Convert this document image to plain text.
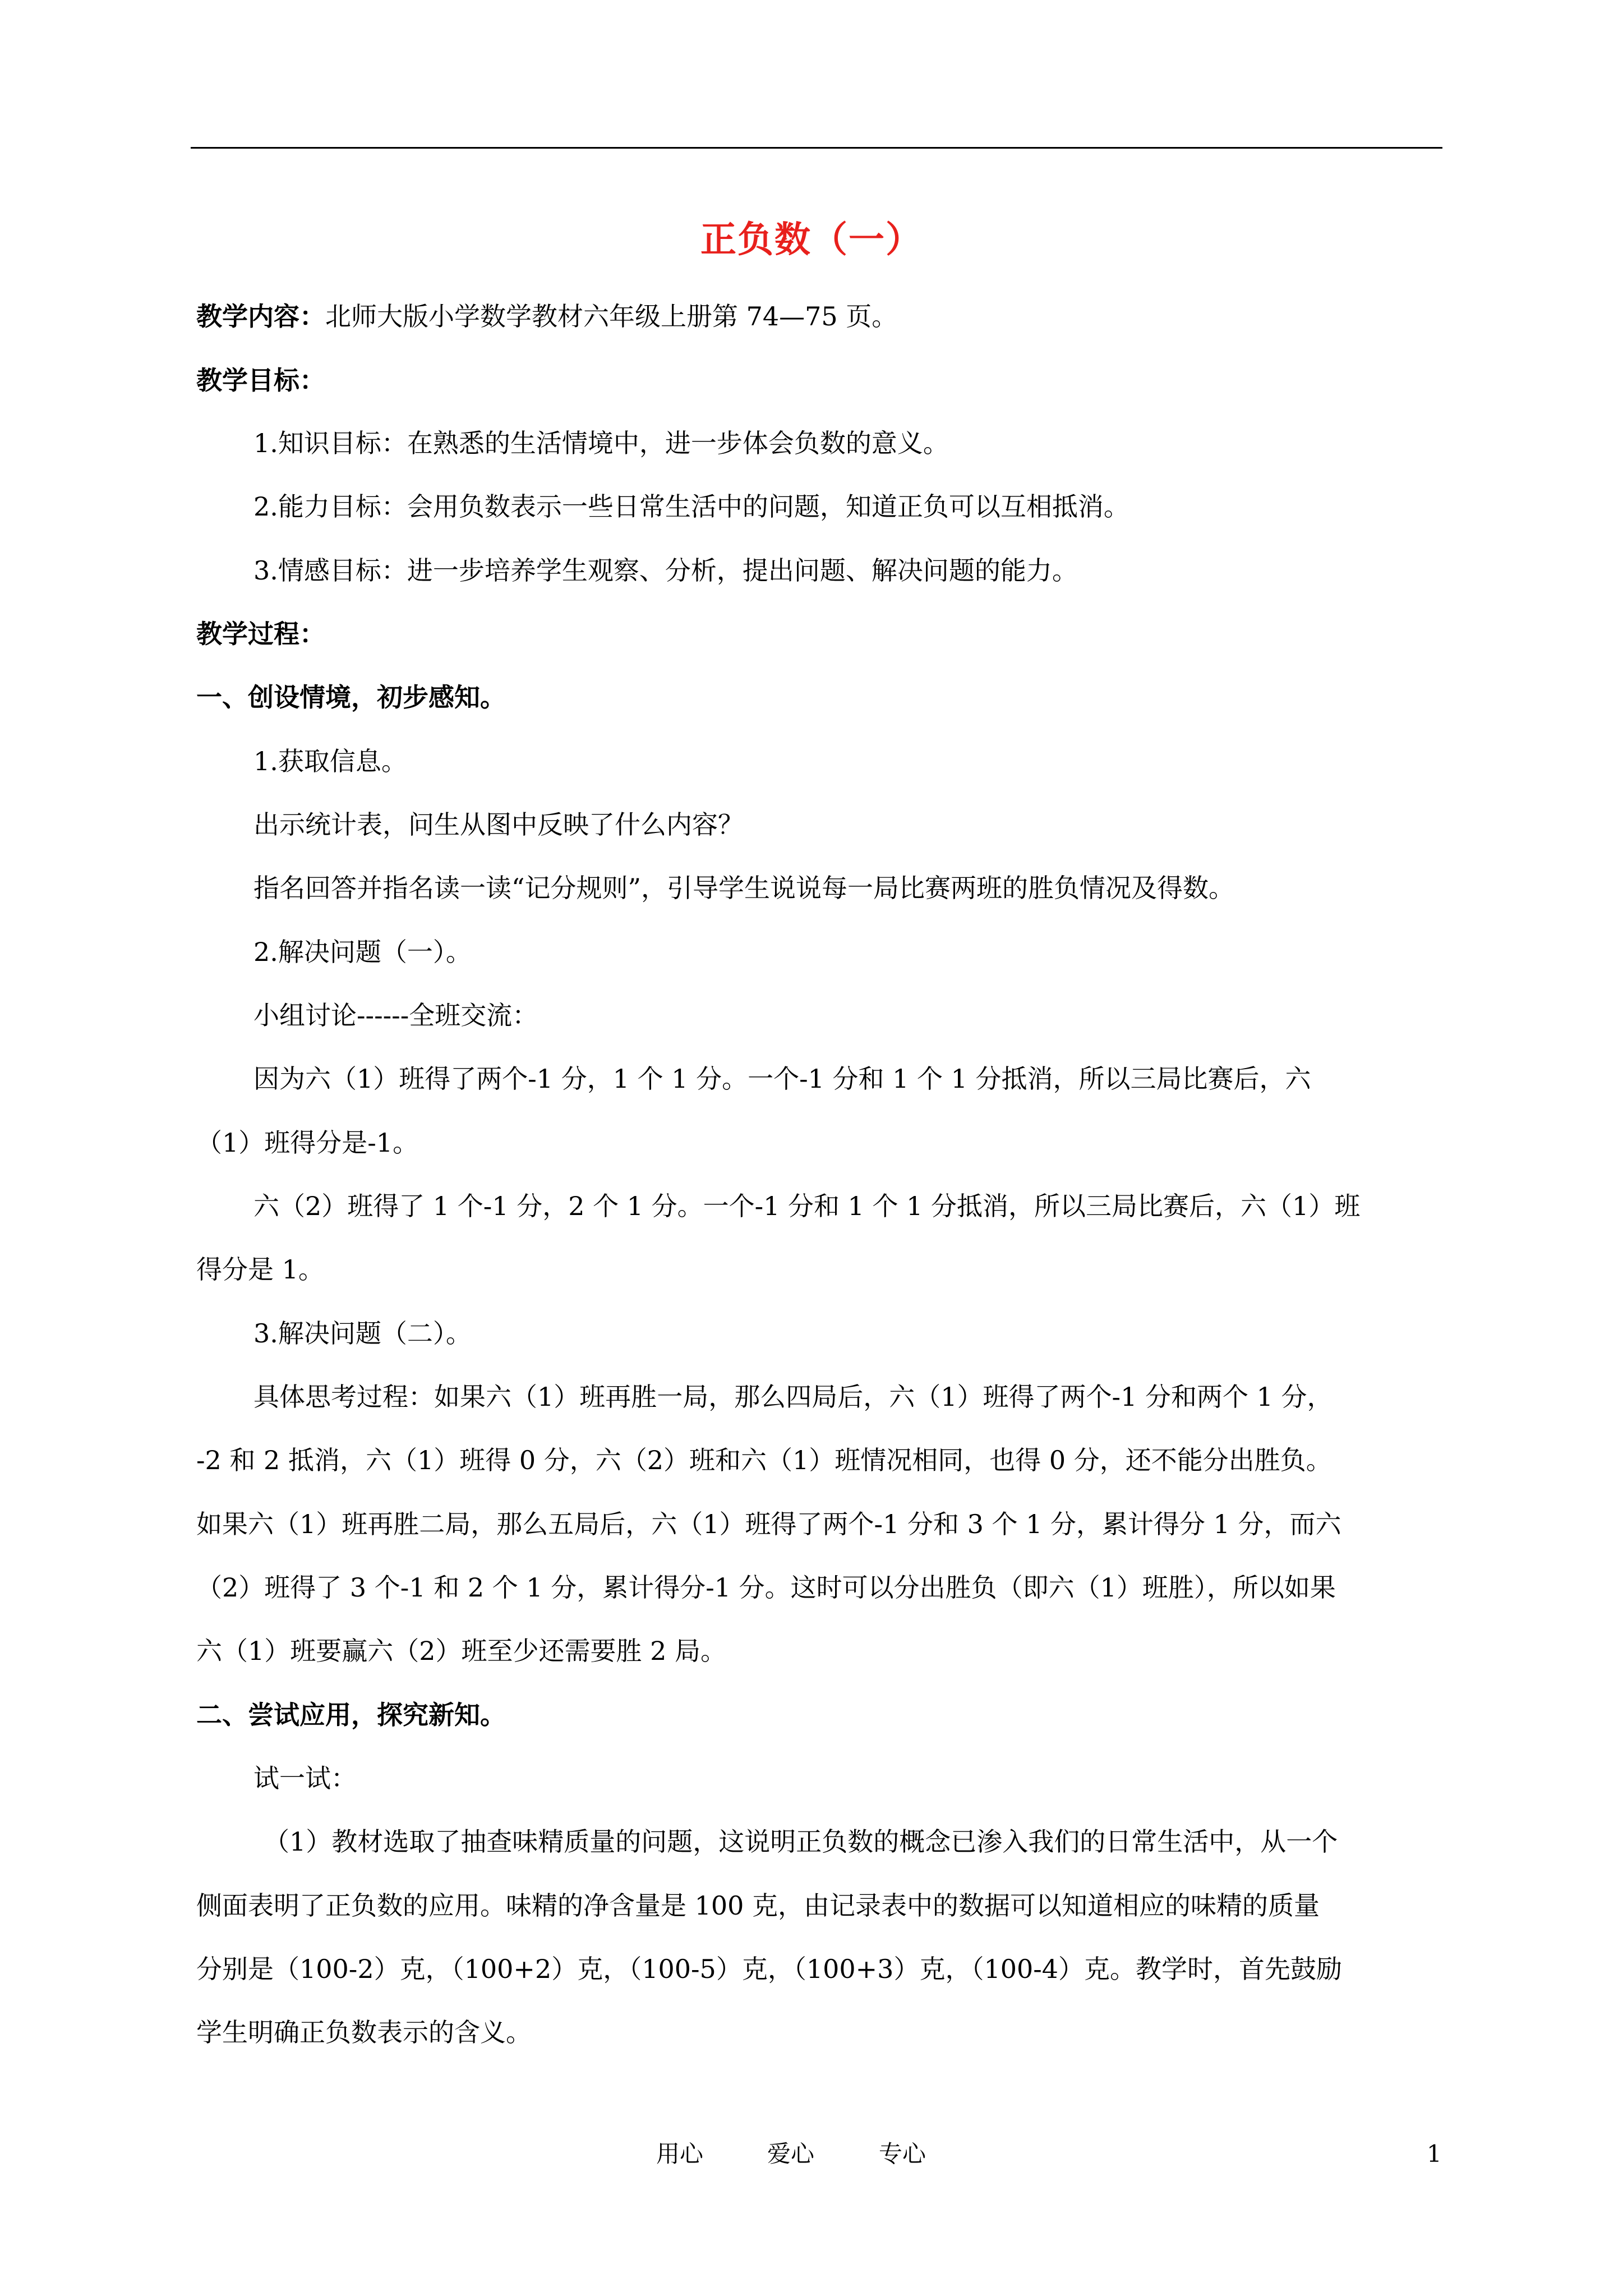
正负数（一）
教学内容：北师大版小学数学教材六年级上册第 74—75 页。
教学目标：
1.知识目标：在熟悉的生活情境中，进一步体会负数的意义。
2.能力目标：会用负数表示一些日常生活中的问题，知道正负可以互相抵消。
3.情感目标：进一步培养学生观察、分析，提出问题、解决问题的能力。
教学过程：
一、创设情境，初步感知。
1.获取信息。
出示统计表，问生从图中反映了什么内容？
指名回答并指名读一读“记分规则”，引导学生说说每一局比赛两班的胜负情况及得数。
2.解决问题（一）。
小组讨论------全班交流：
因为六（1）班得了两个-1 分，1 个 1 分。一个-1 分和 1 个 1 分抵消，所以三局比赛后，六
（1）班得分是-1。
六（2）班得了 1 个-1 分，2 个 1 分。一个-1 分和 1 个 1 分抵消，所以三局比赛后，六（1）班
得分是 1。
3.解决问题（二）。
具体思考过程：如果六（1）班再胜一局，那么四局后，六（1）班得了两个-1 分和两个 1 分，
-2 和 2 抵消，六（1）班得 0 分，六（2）班和六（1）班情况相同，也得 0 分，还不能分出胜负。
如果六（1）班再胜二局，那么五局后，六（1）班得了两个-1 分和 3 个 1 分，累计得分 1 分，而六
（2）班得了 3 个-1 和 2 个 1 分，累计得分-1 分。这时可以分出胜负（即六（1）班胜），所以如果
六（1）班要赢六（2）班至少还需要胜 2 局。
二、尝试应用，探究新知。
试一试：
（1）教材选取了抽查味精质量的问题，这说明正负数的概念已渗入我们的日常生活中，从一个
侧面表明了正负数的应用。味精的净含量是 100 克，由记录表中的数据可以知道相应的味精的质量
分别是（100-2）克，（100+2）克，（100-5）克，（100+3）克，（100-4）克。教学时，首先鼓励
学生明确正负数表示的含义。
用心	爱心	专心	1
